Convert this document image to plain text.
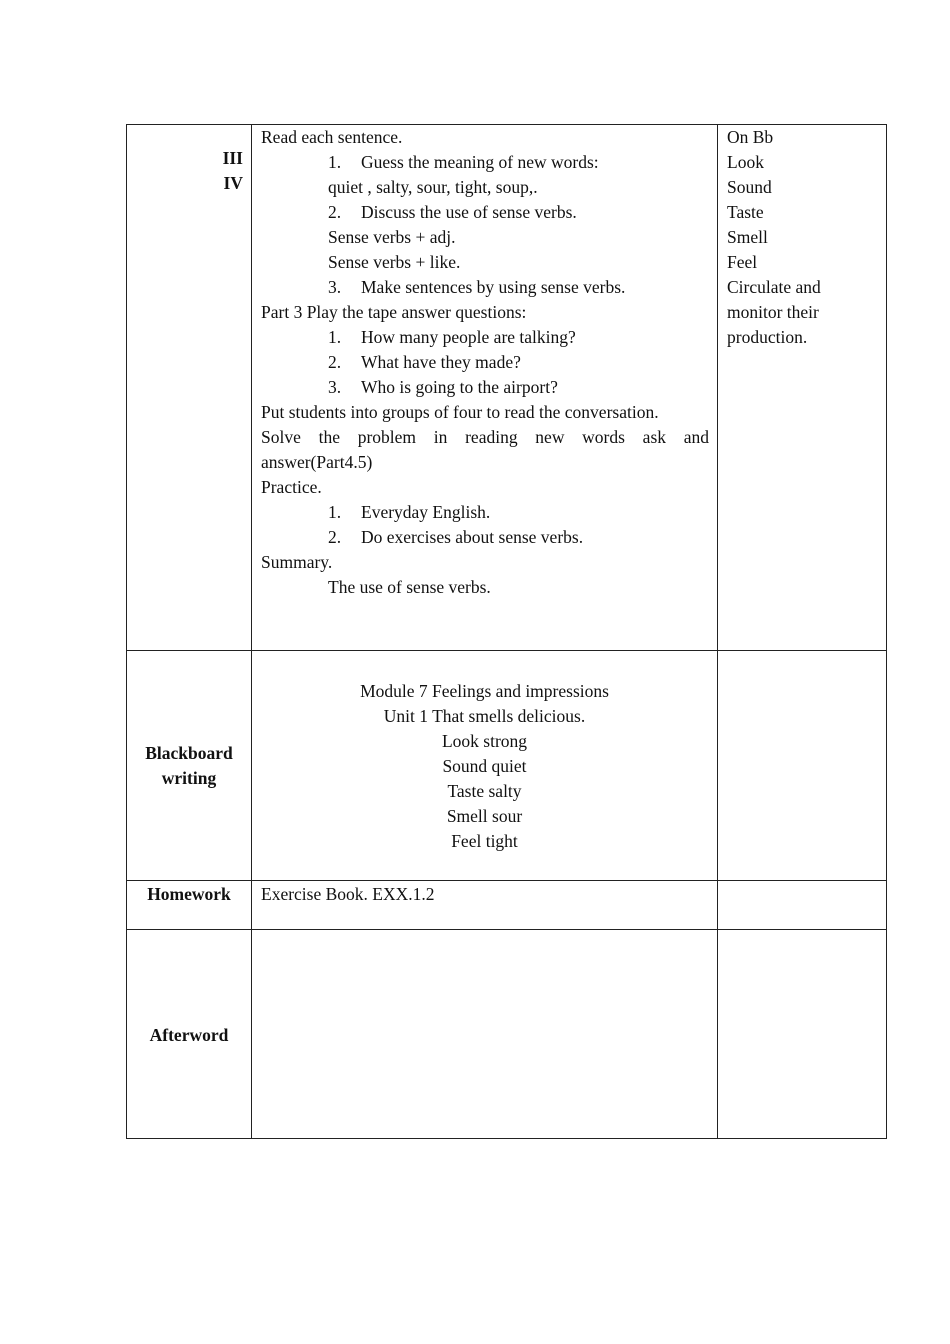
III
IV
Read each sentence.
1. Guess the meaning of new words:
quiet , salty, sour, tight, soup,.
2. Discuss the use of sense verbs.
Sense verbs + adj.
Sense verbs + like.
3. Make sentences by using sense verbs.
Part 3 Play the tape answer questions:
1. How many people are talking?
2. What have they made?
3. Who is going to the airport?
Put students into groups of four to read the conversation.
Solve the problem in reading new words ask and
answer(Part4.5)
Practice.
1. Everyday English.
2. Do exercises about sense verbs.
Summary.
The use of sense verbs.
On Bb
Look
Sound
Taste
Smell
Feel
Circulate and
monitor their
production.
Blackboard
writing
Module 7 Feelings and impressions
Unit 1 That smells delicious.
Look strong
Sound quiet
Taste salty
Smell sour
Feel tight
Homework	Exercise Book. EXX.1.2
Afterword
